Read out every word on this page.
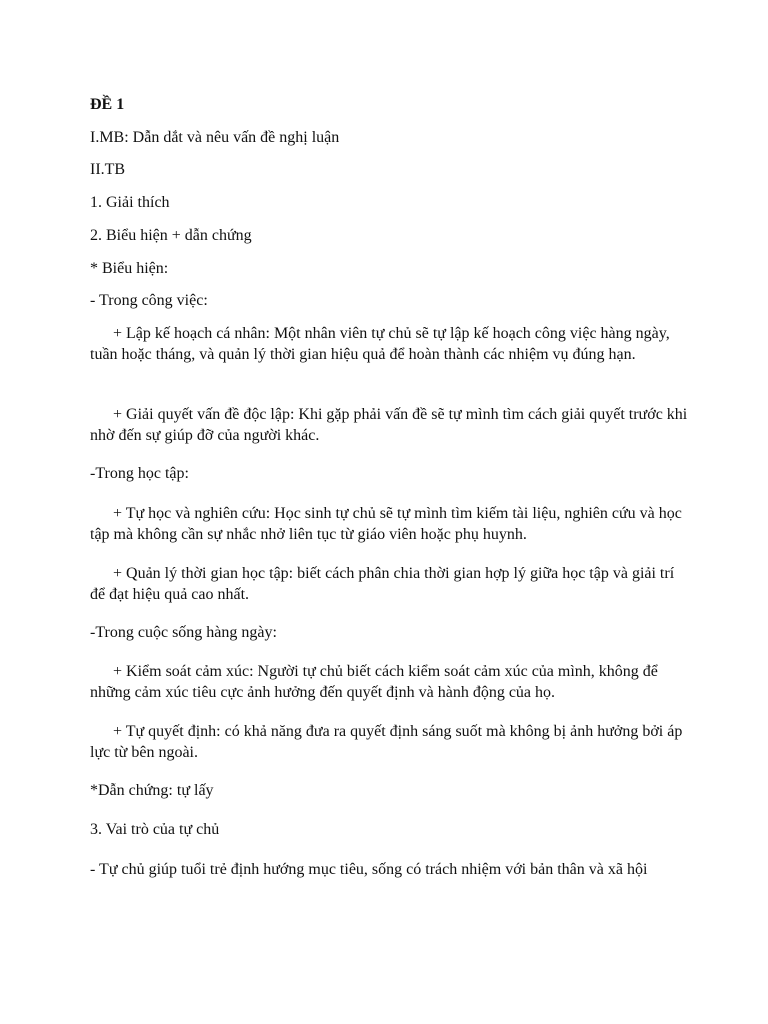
ĐỀ 1

I.MB: Dẫn dắt và nêu vấn đề nghị luận

II.TB

1. Giải thích

2. Biểu hiện + dẫn chứng

* Biểu hiện:

- Trong công việc:

+ Lập kế hoạch cá nhân: Một nhân viên tự chủ sẽ tự lập kế hoạch công việc hàng ngày, tuần hoặc tháng, và quản lý thời gian hiệu quả để hoàn thành các nhiệm vụ đúng hạn.

+ Giải quyết vấn đề độc lập: Khi gặp phải vấn đề sẽ tự mình tìm cách giải quyết trước khi nhờ đến sự giúp đỡ của người khác.

-Trong học tập:

+ Tự học và nghiên cứu: Học sinh tự chủ sẽ tự mình tìm kiếm tài liệu, nghiên cứu và học tập mà không cần sự nhắc nhở liên tục từ giáo viên hoặc phụ huynh.

+ Quản lý thời gian học tập: biết cách phân chia thời gian hợp lý giữa học tập và giải trí để đạt hiệu quả cao nhất.

-Trong cuộc sống hàng ngày:

+ Kiểm soát cảm xúc: Người tự chủ biết cách kiểm soát cảm xúc của mình, không để những cảm xúc tiêu cực ảnh hưởng đến quyết định và hành động của họ.

+ Tự quyết định: có khả năng đưa ra quyết định sáng suốt mà không bị ảnh hưởng bởi áp lực từ bên ngoài.

*Dẫn chứng: tự lấy

3. Vai trò của tự chủ

- Tự chủ giúp tuổi trẻ định hướng mục tiêu, sống có trách nhiệm với bản thân và xã hội
